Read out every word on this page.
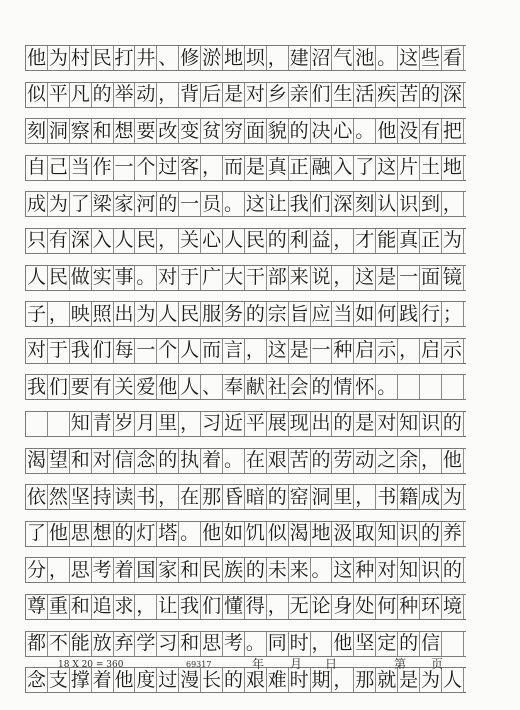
他 为 村 民 打 井 、 修 淤 地 坝 ， 建 沼 气 池 。 这 些 看
似 平 凡 的 举 动 ， 背 后 是 对 乡 亲 们 生 活 疾 苦 的 深
刻 洞 察 和 想 要 改 变 贫 穷 面 貌 的 决 心 。 他 没 有 把
自 己 当 作 一 个 过 客 ， 而 是 真 正 融 入 了 这 片 土 地
成 为 了 梁 家 河 的 一 员 。 这 让 我 们 深 刻 认 识 到 ，
只 有 深 入 人 民 ， 关 心 人 民 的 利 益 ， 才 能 真 正 为
人 民 做 实 事 。 对 于 广 大 干 部 来 说 ， 这 是 一 面 镜
子 ， 映 照 出 为 人 民 服 务 的 宗 旨 应 当 如 何 践 行 ；
对 于 我 们 每 一 个 人 而 言 ， 这 是 一 种 启 示 ， 启 示
我 们 要 有 关 爱 他 人 、 奉 献 社 会 的 情 怀 。
知 青 岁 月 里 ， 习 近 平 展 现 出 的 是 对 知 识 的
渴 望 和 对 信 念 的 执 着 。 在 艰 苦 的 劳 动 之 余 ， 他
依 然 坚 持 读 书 ， 在 那 昏 暗 的 窑 洞 里 ， 书 籍 成 为
了 他 思 想 的 灯 塔 。 他 如 饥 似 渴 地 汲 取 知 识 的 养
分 ， 思 考 着 国 家 和 民 族 的 未 来 。 这 种 对 知 识 的
尊 重 和 追 求 ， 让 我 们 懂 得 ， 无 论 身 处 何 种 环 境
都 不 能 放 弃 学 习 和 思 考 。 同 时 ， 他 坚 定 的 信
念 支 撑 着 他 度 过 漫 长 的 艰 难 时 期 ， 那 就 是 为 人
18 X 20 = 360	69317	年 月 日	第 页
